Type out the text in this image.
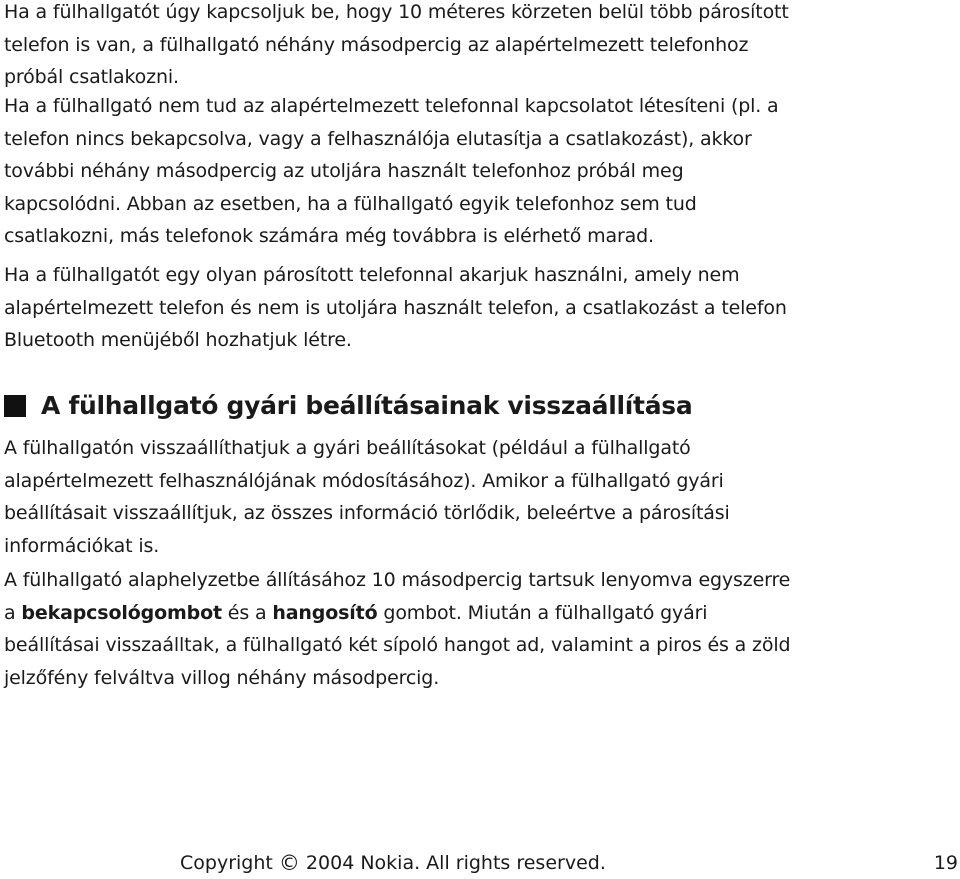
Ha a fülhallgatót úgy kapcsoljuk be, hogy 10 méteres körzeten belül több párosított telefon is van, a fülhallgató néhány másodpercig az alapértelmezett telefonhoz próbál csatlakozni.

Ha a fülhallgató nem tud az alapértelmezett telefonnal kapcsolatot létesíteni (pl. a telefon nincs bekapcsolva, vagy a felhasználója elutasítja a csatlakozást), akkor további néhány másodpercig az utoljára használt telefonhoz próbál meg kapcsolódni. Abban az esetben, ha a fülhallgató egyik telefonhoz sem tud csatlakozni, más telefonok számára még továbbra is elérhető marad.

Ha a fülhallgatót egy olyan párosított telefonnal akarjuk használni, amely nem alapértelmezett telefon és nem is utoljára használt telefon, a csatlakozást a telefon Bluetooth menüjéből hozhatjuk létre.

A fülhallgató gyári beállításainak visszaállítása

A fülhallgatón visszaállíthatjuk a gyári beállításokat (például a fülhallgató alapértelmezett felhasználójának módosításához). Amikor a fülhallgató gyári beállításait visszaállítjuk, az összes információ törlődik, beleértve a párosítási információkat is.

A fülhallgató alaphelyzetbe állításához 10 másodpercig tartsuk lenyomva egyszerre a bekapcsológombot és a hangosító gombot. Miután a fülhallgató gyári beállításai visszaálltak, a fülhallgató két sípoló hangot ad, valamint a piros és a zöld jelzőfény felváltva villog néhány másodpercig.

Copyright © 2004 Nokia. All rights reserved.	19
